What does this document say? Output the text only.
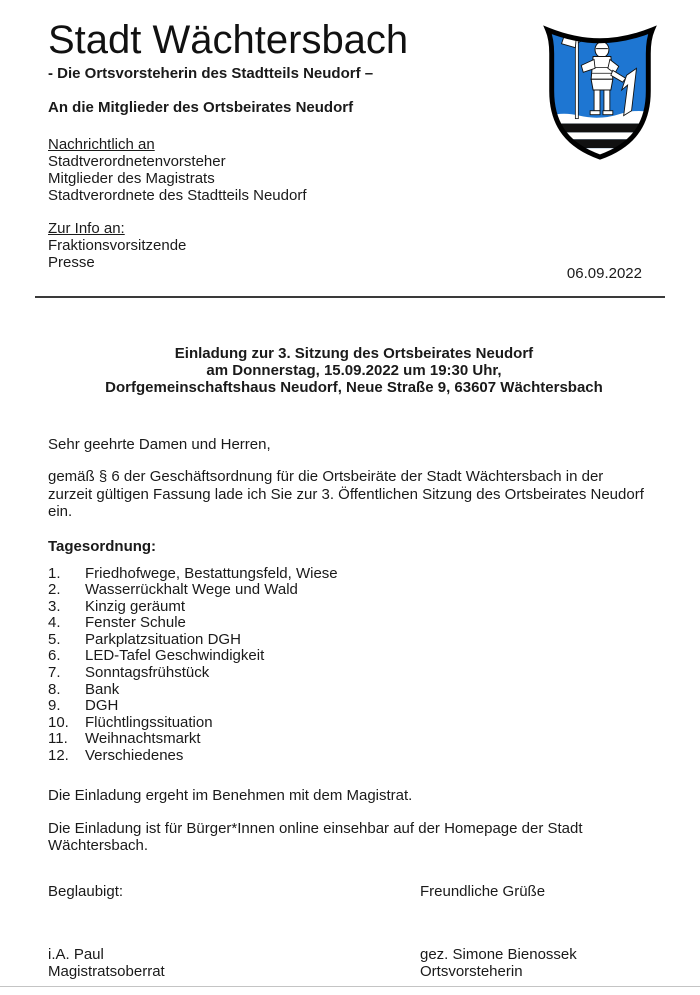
Stadt Wächtersbach
- Die Ortsvorsteherin des Stadtteils Neudorf –
An die Mitglieder des Ortsbeirates Neudorf
Nachrichtlich an
Stadtverordnetenvorsteher
Mitglieder des Magistrats
Stadtverordnete des Stadtteils Neudorf
Zur Info an:
Fraktionsvorsitzende
Presse
06.09.2022
Einladung zur 3. Sitzung des Ortsbeirates Neudorf
am Donnerstag, 15.09.2022 um 19:30 Uhr,
Dorfgemeinschaftshaus Neudorf, Neue Straße 9, 63607 Wächtersbach
Sehr geehrte Damen und Herren,
gemäß § 6 der Geschäftsordnung für die Ortsbeiräte der Stadt Wächtersbach in der zurzeit gültigen Fassung lade ich Sie zur 3. Öffentlichen Sitzung des Ortsbeirates Neudorf ein.
Tagesordnung:
1.	Friedhofwege, Bestattungsfeld, Wiese
2.	Wasserrückhalt Wege und Wald
3.	Kinzig geräumt
4.	Fenster Schule
5.	Parkplatzsituation DGH
6.	LED-Tafel Geschwindigkeit
7.	Sonntagsfrühstück
8.	Bank
9.	DGH
10.	Flüchtlingssituation
11.	Weihnachtsmarkt
12.	Verschiedenes
Die Einladung ergeht im Benehmen mit dem Magistrat.
Die Einladung ist für Bürger*Innen online einsehbar auf der Homepage der Stadt Wächtersbach.
Beglaubigt:	Freundliche Grüße
i.A. Paul
Magistratsoberrat
gez. Simone Bienossek
Ortsvorsteherin
